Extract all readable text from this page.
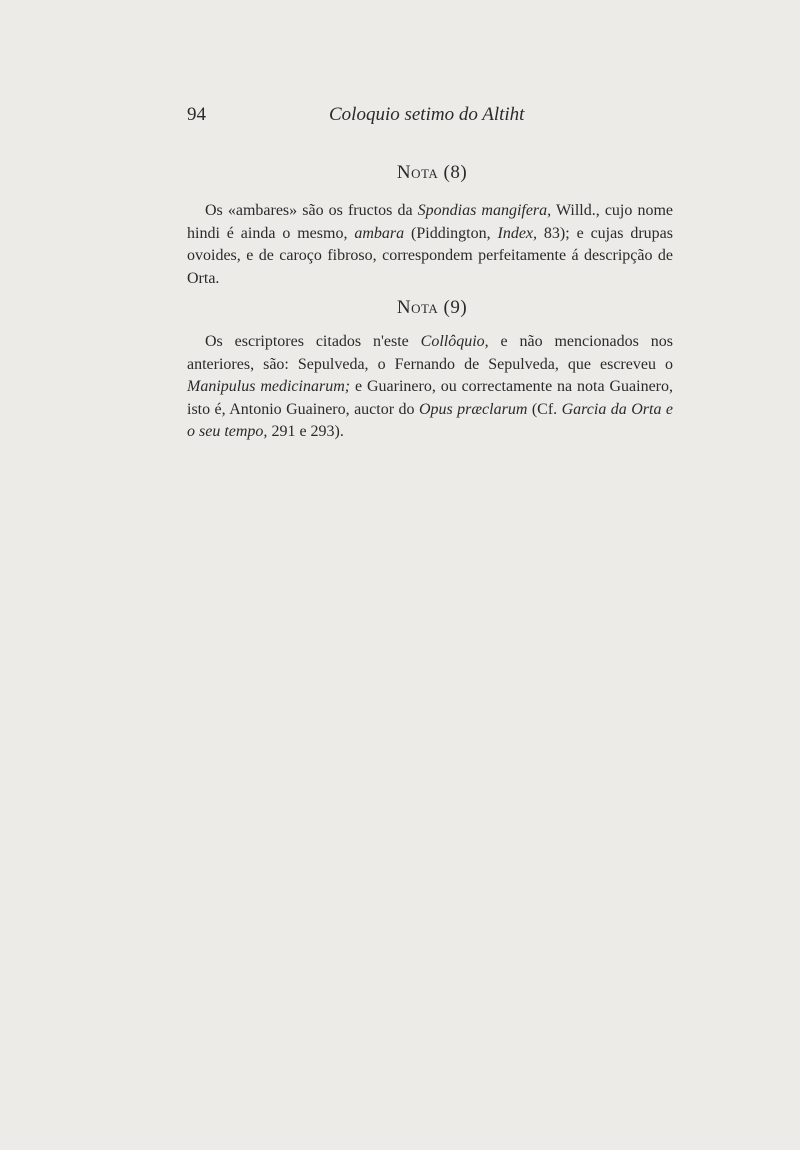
94	Coloquio setimo do Altiht
Nota (8)

Os «ambares» são os fructos da Spondias mangifera, Willd., cujo nome hindi é ainda o mesmo, ambara (Piddington, Index, 83); e cujas drupas ovoides, e de caroço fibroso, correspondem perfeitamente á descripção de Orta.

Nota (9)

Os escriptores citados n'este Collôquio, e não mencionados nos anteriores, são: Sepulveda, o Fernando de Sepulveda, que escreveu o Manipulus medicinarum; e Guarinero, ou correctamente na nota Guainero, isto é, Antonio Guainero, auctor do Opus præclarum (Cf. Garcia da Orta e o seu tempo, 291 e 293).
